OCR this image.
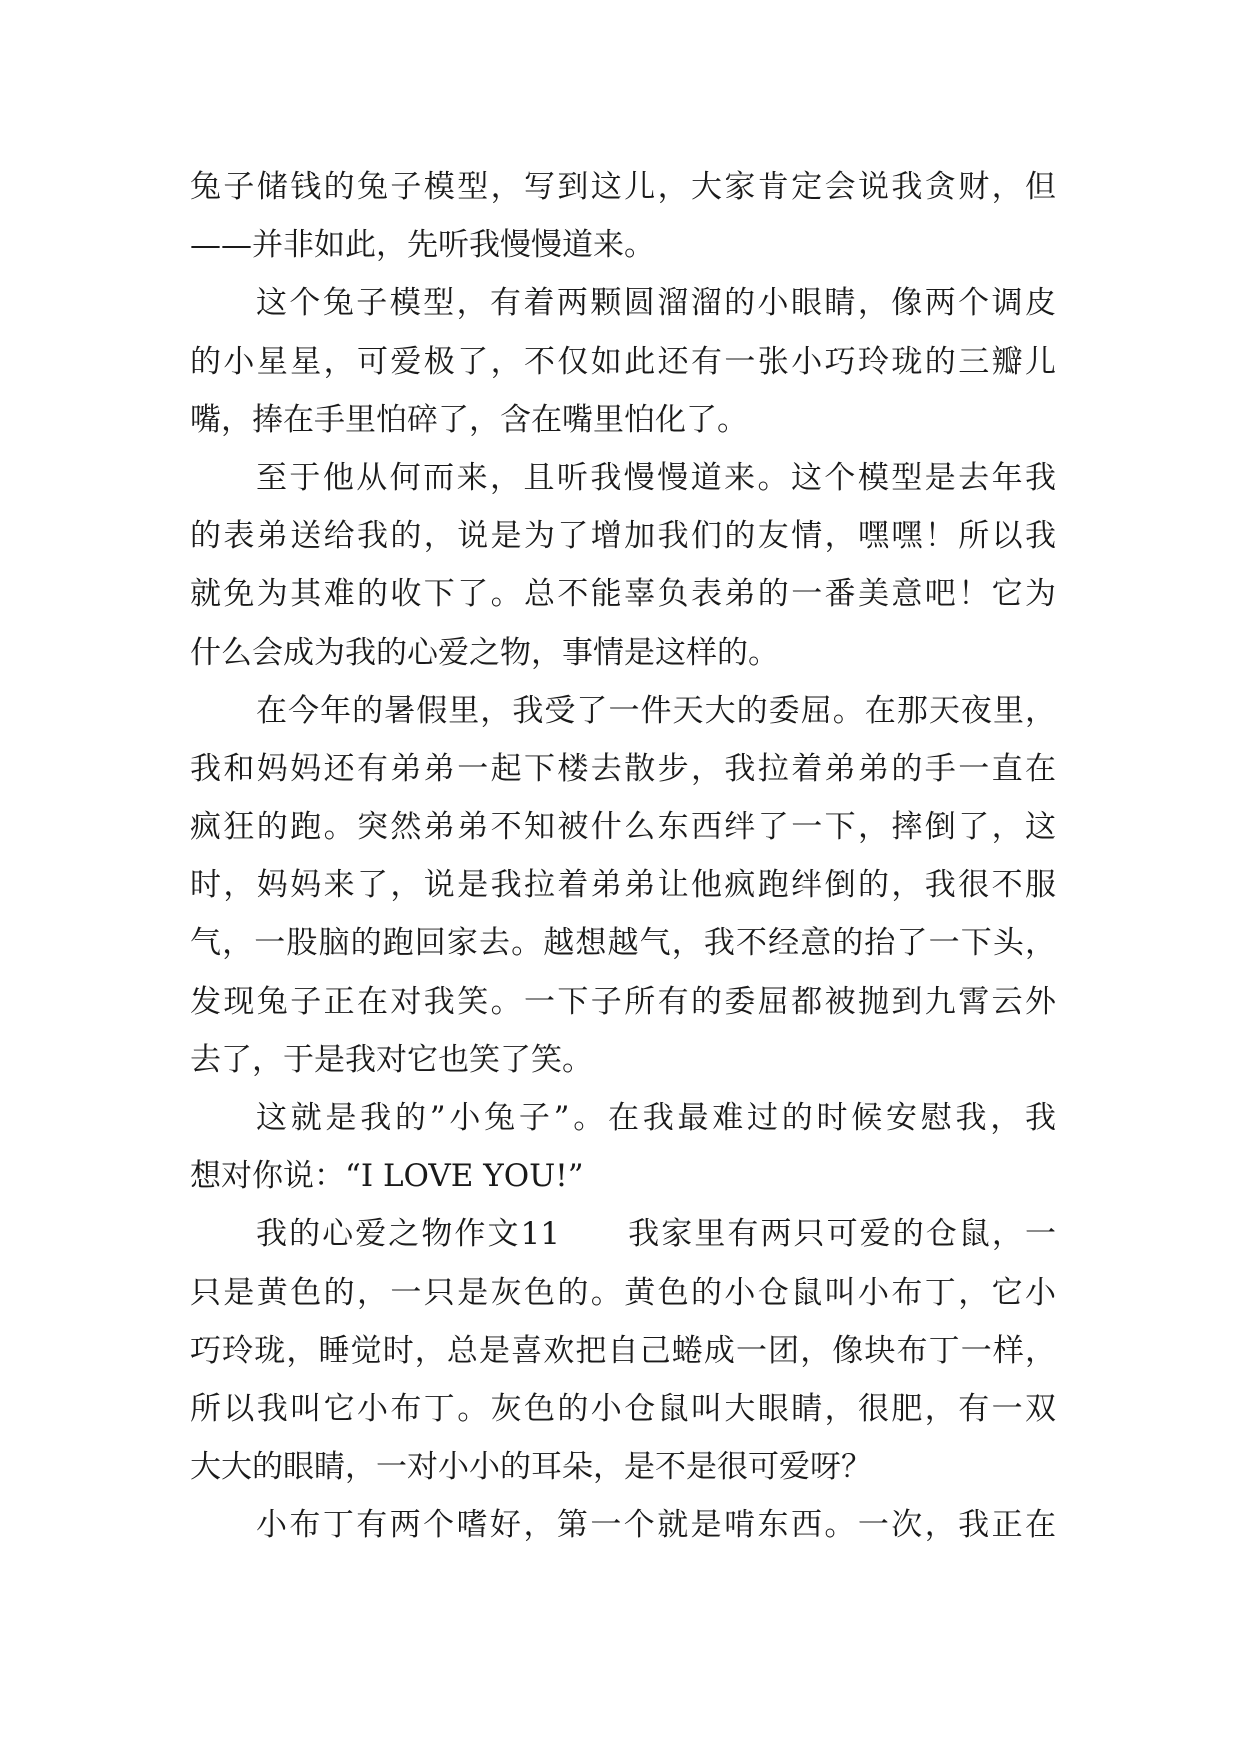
兔子储钱的兔子模型，写到这儿，大家肯定会说我贪财，但
——并非如此，先听我慢慢道来。
这个兔子模型，有着两颗圆溜溜的小眼睛，像两个调皮
的小星星，可爱极了，不仅如此还有一张小巧玲珑的三瓣儿
嘴，捧在手里怕碎了，含在嘴里怕化了。
至于他从何而来，且听我慢慢道来。这个模型是去年我
的表弟送给我的，说是为了增加我们的友情，嘿嘿！所以我
就免为其难的收下了。总不能辜负表弟的一番美意吧！它为
什么会成为我的心爱之物，事情是这样的。
在今年的暑假里，我受了一件天大的委屈。在那天夜里，
我和妈妈还有弟弟一起下楼去散步，我拉着弟弟的手一直在
疯狂的跑。突然弟弟不知被什么东西绊了一下，摔倒了，这
时，妈妈来了，说是我拉着弟弟让他疯跑绊倒的，我很不服
气，一股脑的跑回家去。越想越气，我不经意的抬了一下头，
发现兔子正在对我笑。一下子所有的委屈都被抛到九霄云外
去了，于是我对它也笑了笑。
这就是我的”小兔子”。在我最难过的时候安慰我，我
想对你说：“I LOVE YOU!”
我的心爱之物作文11　　我家里有两只可爱的仓鼠，一
只是黄色的，一只是灰色的。黄色的小仓鼠叫小布丁，它小
巧玲珑，睡觉时，总是喜欢把自己蜷成一团，像块布丁一样，
所以我叫它小布丁。灰色的小仓鼠叫大眼睛，很肥，有一双
大大的眼睛，一对小小的耳朵，是不是很可爱呀？
小布丁有两个嗜好，第一个就是啃东西。一次，我正在
